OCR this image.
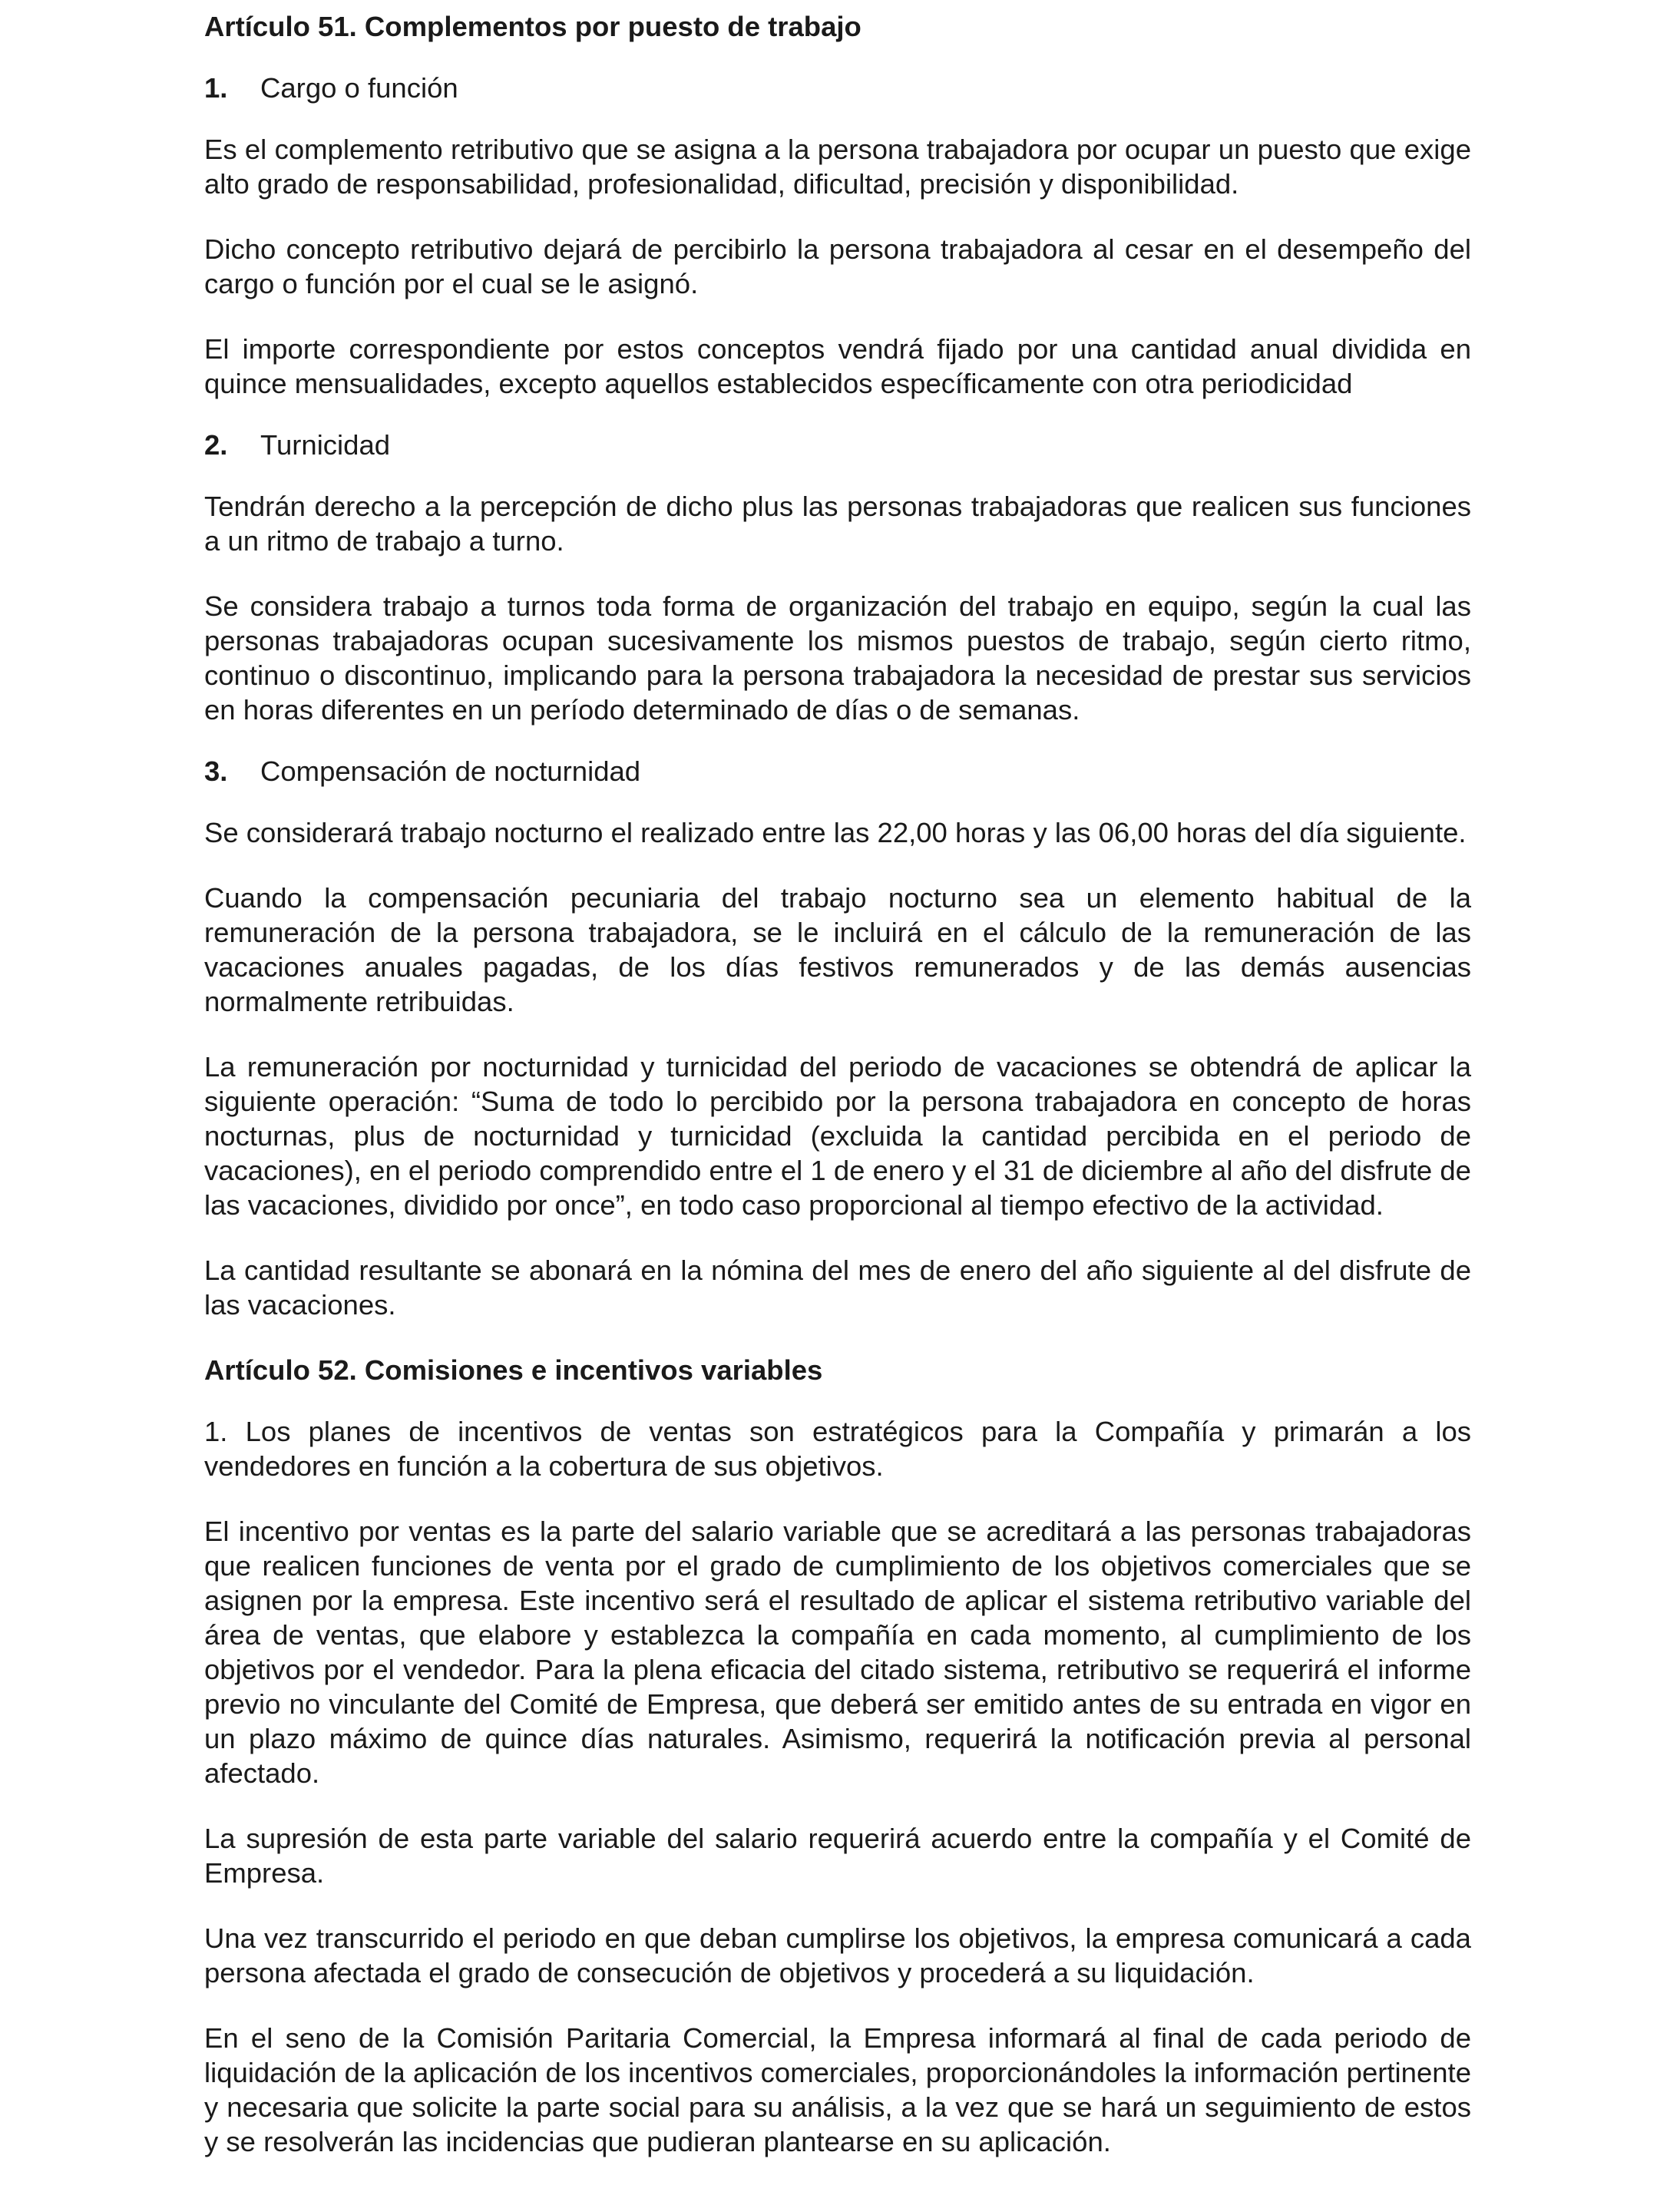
Artículo 51. Complementos por puesto de trabajo
1. Cargo o función

Es el complemento retributivo que se asigna a la persona trabajadora por ocupar un puesto que exige alto grado de responsabilidad, profesionalidad, dificultad, precisión y disponibilidad.

Dicho concepto retributivo dejará de percibirlo la persona trabajadora al cesar en el desempeño del cargo o función por el cual se le asignó.

El importe correspondiente por estos conceptos vendrá fijado por una cantidad anual dividida en quince mensualidades, excepto aquellos establecidos específicamente con otra periodicidad

2. Turnicidad

Tendrán derecho a la percepción de dicho plus las personas trabajadoras que realicen sus funciones a un ritmo de trabajo a turno.

Se considera trabajo a turnos toda forma de organización del trabajo en equipo, según la cual las personas trabajadoras ocupan sucesivamente los mismos puestos de trabajo, según cierto ritmo, continuo o discontinuo, implicando para la persona trabajadora la necesidad de prestar sus servicios en horas diferentes en un período determinado de días o de semanas.

3. Compensación de nocturnidad

Se considerará trabajo nocturno el realizado entre las 22,00 horas y las 06,00 horas del día siguiente.

Cuando la compensación pecuniaria del trabajo nocturno sea un elemento habitual de la remuneración de la persona trabajadora, se le incluirá en el cálculo de la remuneración de las vacaciones anuales pagadas, de los días festivos remunerados y de las demás ausencias normalmente retribuidas.

La remuneración por nocturnidad y turnicidad del periodo de vacaciones se obtendrá de aplicar la siguiente operación: “Suma de todo lo percibido por la persona trabajadora en concepto de horas nocturnas, plus de nocturnidad y turnicidad (excluida la cantidad percibida en el periodo de vacaciones), en el periodo comprendido entre el 1 de enero y el 31 de diciembre al año del disfrute de las vacaciones, dividido por once”, en todo caso proporcional al tiempo efectivo de la actividad.

La cantidad resultante se abonará en la nómina del mes de enero del año siguiente al del disfrute de las vacaciones.

Artículo 52. Comisiones e incentivos variables

1. Los planes de incentivos de ventas son estratégicos para la Compañía y primarán a los vendedores en función a la cobertura de sus objetivos.

El incentivo por ventas es la parte del salario variable que se acreditará a las personas trabajadoras que realicen funciones de venta por el grado de cumplimiento de los objetivos comerciales que se asignen por la empresa. Este incentivo será el resultado de aplicar el sistema retributivo variable del área de ventas, que elabore y establezca la compañía en cada momento, al cumplimiento de los objetivos por el vendedor. Para la plena eficacia del citado sistema, retributivo se requerirá el informe previo no vinculante del Comité de Empresa, que deberá ser emitido antes de su entrada en vigor en un plazo máximo de quince días naturales. Asimismo, requerirá la notificación previa al personal afectado.

La supresión de esta parte variable del salario requerirá acuerdo entre la compañía y el Comité de Empresa.

Una vez transcurrido el periodo en que deban cumplirse los objetivos, la empresa comunicará a cada persona afectada el grado de consecución de objetivos y procederá a su liquidación.

En el seno de la Comisión Paritaria Comercial, la Empresa informará al final de cada periodo de liquidación de la aplicación de los incentivos comerciales, proporcionándoles la información pertinente y necesaria que solicite la parte social para su análisis, a la vez que se hará un seguimiento de estos y se resolverán las incidencias que pudieran plantearse en su aplicación.
